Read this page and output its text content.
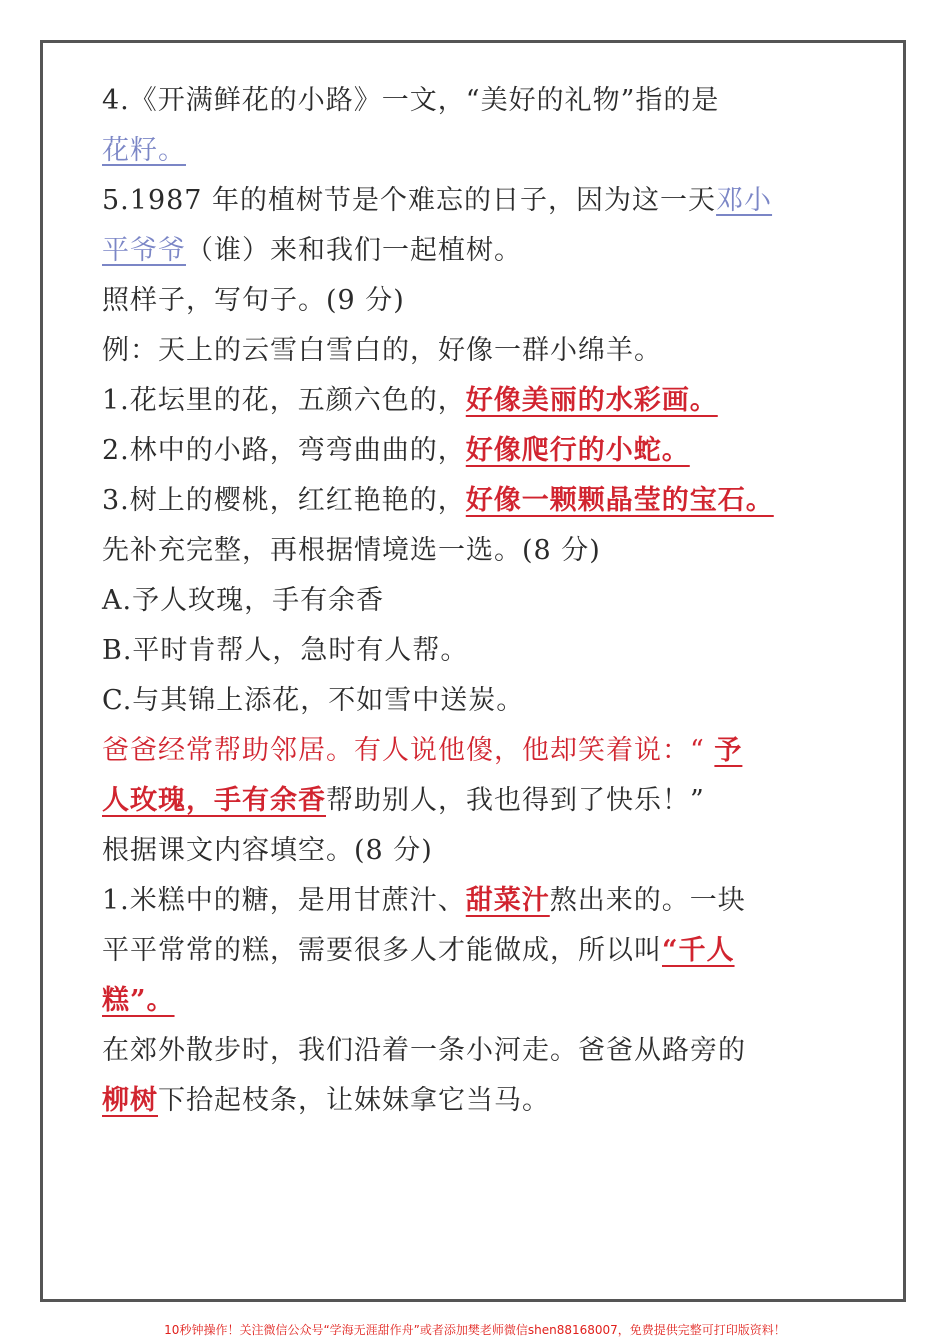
4.《开满鲜花的小路》一文，“美好的礼物”指的是
花籽。
5.1987 年的植树节是个难忘的日子，因为这一天邓小
平爷爷（谁）来和我们一起植树。
照样子，写句子。(9 分)
例：天上的云雪白雪白的，好像一群小绵羊。
1.花坛里的花，五颜六色的，好像美丽的水彩画。
2.林中的小路，弯弯曲曲的，好像爬行的小蛇。
3.树上的樱桃，红红艳艳的，好像一颗颗晶莹的宝石。
先补充完整，再根据情境选一选。(8 分)
A.予人玫瑰，手有余香
B.平时肯帮人，急时有人帮。
C.与其锦上添花，不如雪中送炭。
爸爸经常帮助邻居。有人说他傻，他却笑着说：“ 予
人玫瑰，手有余香帮助别人，我也得到了快乐！”
根据课文内容填空。(8 分)
1.米糕中的糖，是用甘蔗汁、甜菜汁熬出来的。一块
平平常常的糕，需要很多人才能做成，所以叫“千人
糕”。
在郊外散步时，我们沿着一条小河走。爸爸从路旁的
柳树下拾起枝条，让妹妹拿它当马。
10秒钟操作！关注微信公众号“学海无涯甜作舟”或者添加樊老师微信shen88168007，免费提供完整可打印版资料！
